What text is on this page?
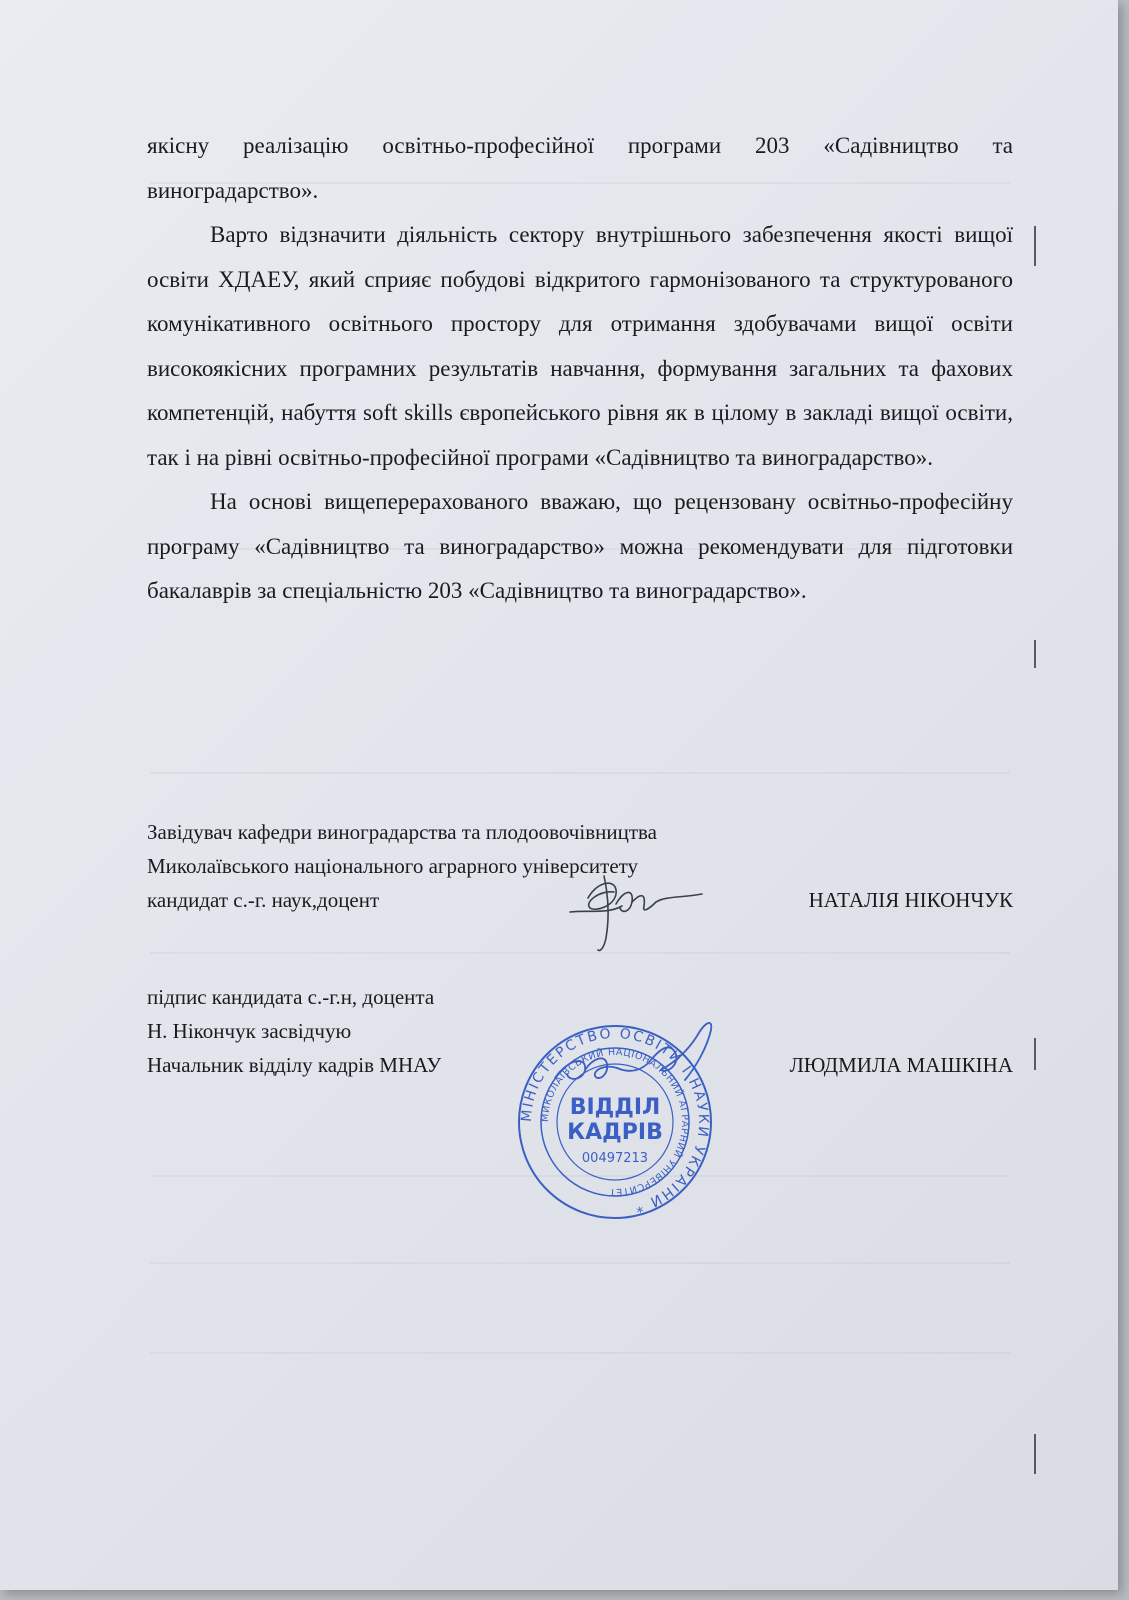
якісну реалізацію освітньо-професійної програми 203 «Садівництво та виноградарство».

Варто відзначити діяльність сектору внутрішнього забезпечення якості вищої освіти ХДАЕУ, який сприяє побудові відкритого гармонізованого та структурованого комунікативного освітнього простору для отримання здобувачами вищої освіти високоякісних програмних результатів навчання, формування загальних та фахових компетенцій, набуття soft skills європейського рівня як в цілому в закладі вищої освіти, так і на рівні освітньо-професійної програми «Садівництво та виноградарство».

На основі вищеперерахованого вважаю, що рецензовану освітньо-професійну програму «Садівництво та виноградарство» можна рекомендувати для підготовки бакалаврів за спеціальністю 203 «Садівництво та виноградарство».

Завідувач кафедри виноградарства та плодоовочівництва
Миколаївського національного аграрного університету
кандидат с.-г. наук,доцент	НАТАЛІЯ НІКОНЧУК
підпис кандидата с.-г.н, доцента
Н. Нікончук засвідчую
Начальник відділу кадрів МНАУ	ЛЮДМИЛА МАШКІНА
МІНІСТЕРСТВО ОСВІТИ І НАУКИ УКРАЇНИ *
МИКОЛАЇВСЬКИЙ НАЦІОНАЛЬНИЙ АГРАРНИЙ УНІВЕРСИТЕТ
ВІДДІЛ
КАДРІВ
00497213
